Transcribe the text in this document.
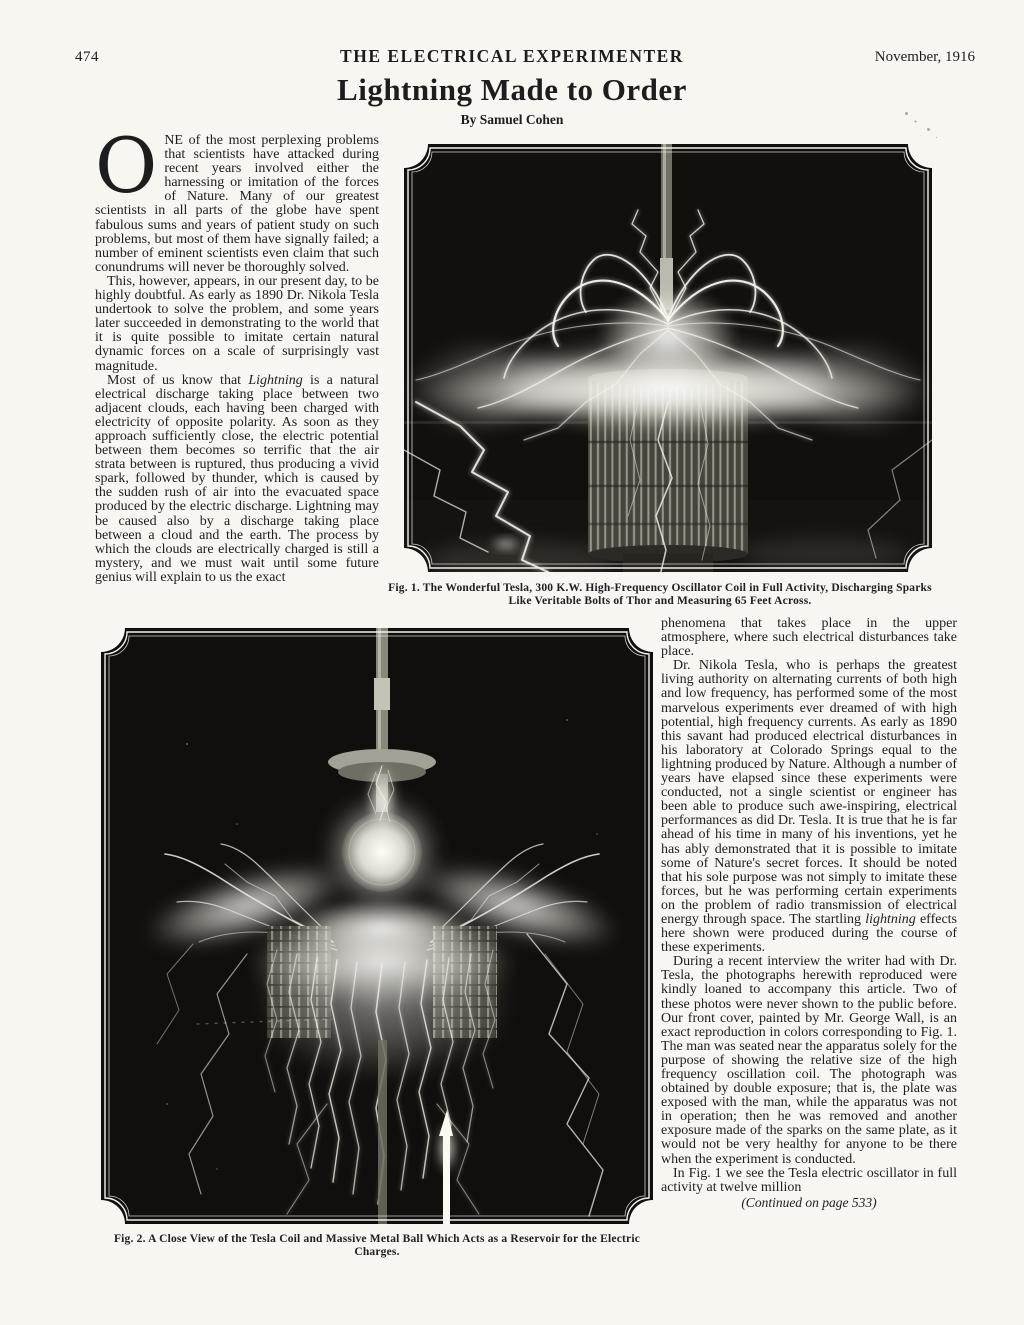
474	THE ELECTRICAL EXPERIMENTER	November, 1916
Lightning Made to Order
By Samuel Cohen

ONE of the most perplexing problems that scientists have attacked during recent years involved either the harnessing or imitation of the forces of Nature. Many of our greatest scientists in all parts of the globe have spent fabulous sums and years of patient study on such problems, but most of them have signally failed; a number of eminent scientists even claim that such conundrums will never be thoroughly solved.

This, however, appears, in our present day, to be highly doubtful. As early as 1890 Dr. Nikola Tesla undertook to solve the problem, and some years later succeeded in demonstrating to the world that it is quite possible to imitate certain natural dynamic forces on a scale of surprisingly vast magnitude.

Most of us know that Lightning is a natural electrical discharge taking place between two adjacent clouds, each having been charged with electricity of opposite polarity. As soon as they approach sufficiently close, the electric potential between them becomes so terrific that the air strata between is ruptured, thus producing a vivid spark, followed by thunder, which is caused by the sudden rush of air into the evacuated space produced by the electric discharge. Lightning may be caused also by a discharge taking place between a cloud and the earth. The process by which the clouds are electrically charged is still a mystery, and we must wait until some future genius will explain to us the exact

Fig. 1. The Wonderful Tesla, 300 K.W. High-Frequency Oscillator Coil in Full Activity, Discharging Sparks Like Veritable Bolts of Thor and Measuring 65 Feet Across.
Fig. 2. A Close View of the Tesla Coil and Massive Metal Ball Which Acts as a Reservoir for the Electric Charges.

phenomena that takes place in the upper atmosphere, where such electrical disturbances take place.

Dr. Nikola Tesla, who is perhaps the greatest living authority on alternating currents of both high and low frequency, has performed some of the most marvelous experiments ever dreamed of with high potential, high frequency currents. As early as 1890 this savant had produced electrical disturbances in his laboratory at Colorado Springs equal to the lightning produced by Nature. Although a number of years have elapsed since these experiments were conducted, not a single scientist or engineer has been able to produce such awe-inspiring, electrical performances as did Dr. Tesla. It is true that he is far ahead of his time in many of his inventions, yet he has ably demonstrated that it is possible to imitate some of Nature's secret forces. It should be noted that his sole purpose was not simply to imitate these forces, but he was performing certain experiments on the problem of radio transmission of electrical energy through space. The startling lightning effects here shown were produced during the course of these experiments.

During a recent interview the writer had with Dr. Tesla, the photographs herewith reproduced were kindly loaned to accompany this article. Two of these photos were never shown to the public before. Our front cover, painted by Mr. George Wall, is an exact reproduction in colors corresponding to Fig. 1. The man was seated near the apparatus solely for the purpose of showing the relative size of the high frequency oscillation coil. The photograph was obtained by double exposure; that is, the plate was exposed with the man, while the apparatus was not in operation; then he was removed and another exposure made of the sparks on the same plate, as it would not be very healthy for anyone to be there when the experiment is conducted.

In Fig. 1 we see the Tesla electric oscillator in full activity at twelve million

(Continued on page 533)
